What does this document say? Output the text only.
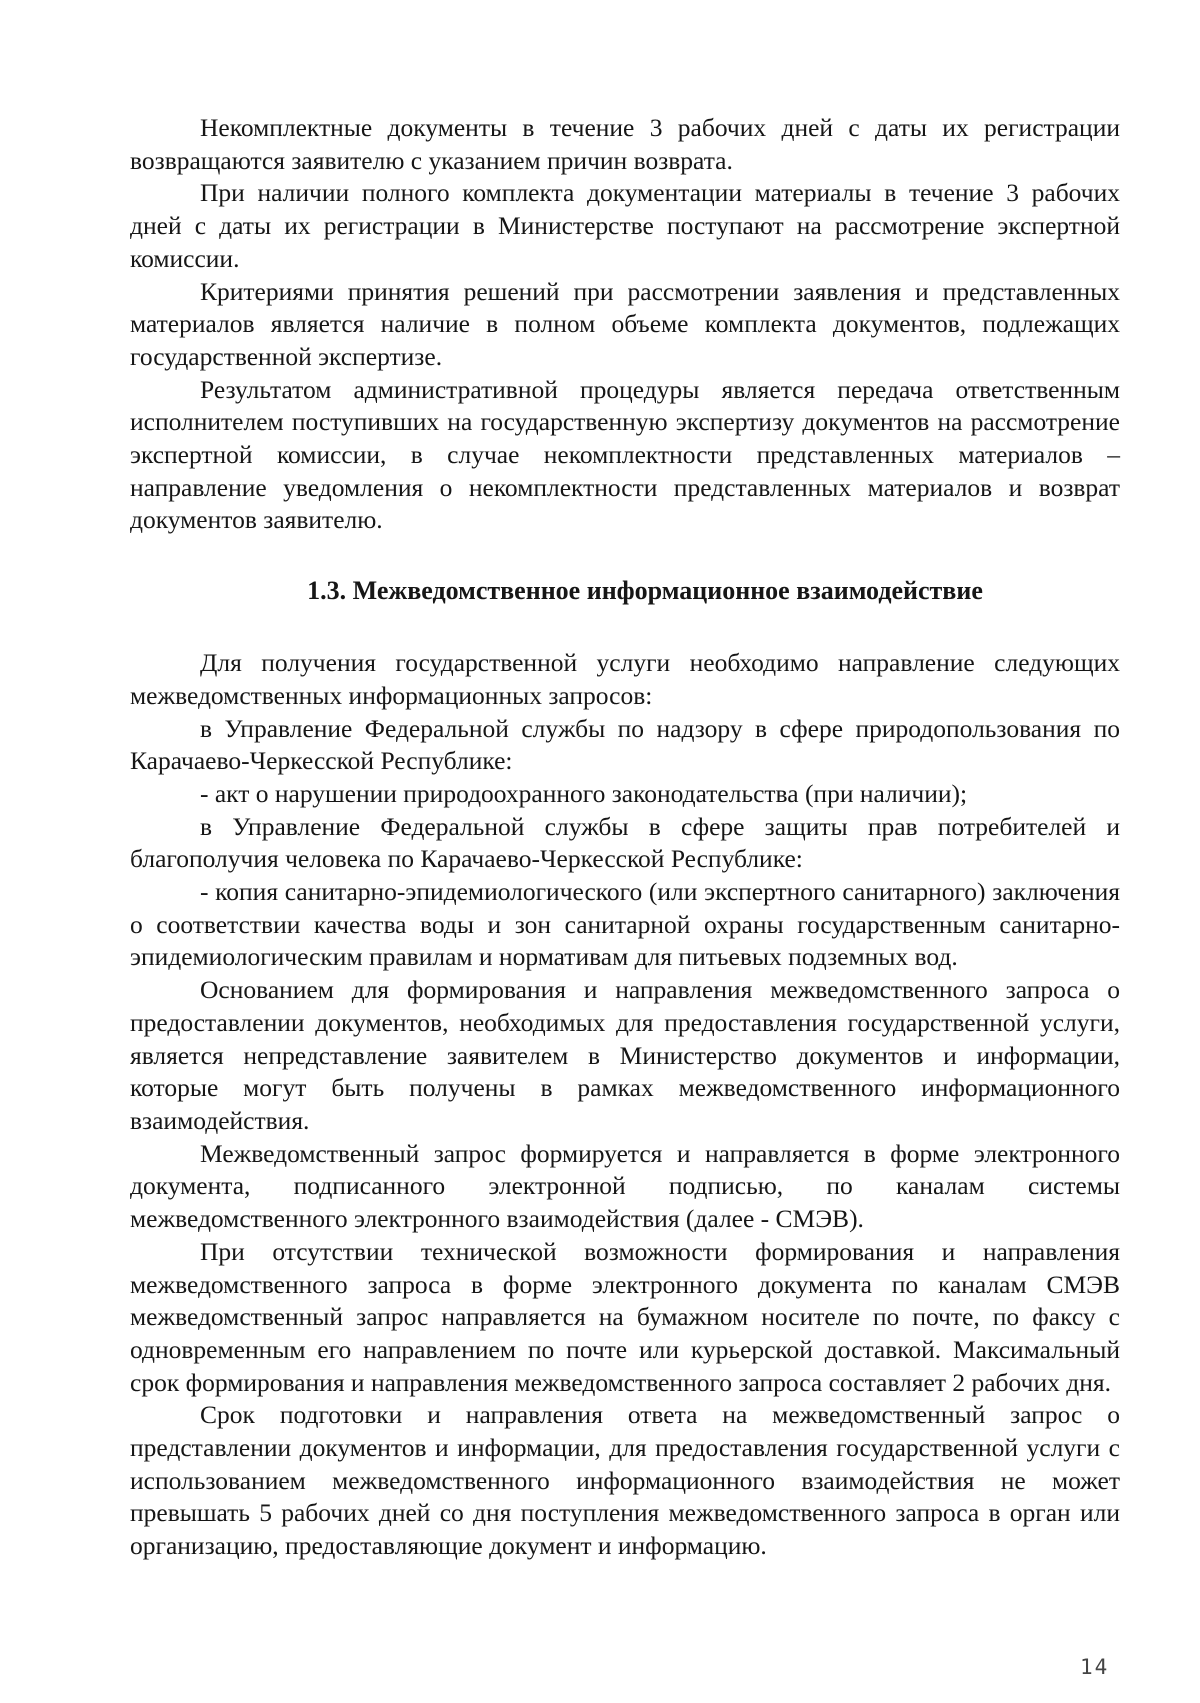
Некомплектные документы в течение 3 рабочих дней с даты их регистрации возвращаются заявителю с указанием причин возврата.

При наличии полного комплекта документации материалы в течение 3 рабочих дней с даты их регистрации в Министерстве поступают на рассмотрение экспертной комиссии.

Критериями принятия решений при рассмотрении заявления и представленных материалов является наличие в полном объеме комплекта документов, подлежащих государственной экспертизе.

Результатом административной процедуры является передача ответственным исполнителем поступивших на государственную экспертизу документов на рассмотрение экспертной комиссии, в случае некомплектности представленных материалов – направление уведомления о некомплектности представленных материалов и возврат документов заявителю.

1.3. Межведомственное информационное взаимодействие

Для получения государственной услуги необходимо направление следующих межведомственных информационных запросов:

в Управление Федеральной службы по надзору в сфере природопользования по Карачаево-Черкесской Республике:

- акт о нарушении природоохранного законодательства (при наличии);

в Управление Федеральной службы в сфере защиты прав потребителей и благополучия человека по Карачаево-Черкесской Республике:

- копия санитарно-эпидемиологического (или экспертного санитарного) заключения о соответствии качества воды и зон санитарной охраны государственным санитарно-эпидемиологическим правилам и нормативам для питьевых подземных вод.

Основанием для формирования и направления межведомственного запроса о предоставлении документов, необходимых для предоставления государственной услуги, является непредставление заявителем в Министерство документов и информации, которые могут быть получены в рамках межведомственного информационного взаимодействия.

Межведомственный запрос формируется и направляется в форме электронного документа, подписанного электронной подписью, по каналам системы межведомственного электронного взаимодействия (далее - СМЭВ).

При отсутствии технической возможности формирования и направления межведомственного запроса в форме электронного документа по каналам СМЭВ межведомственный запрос направляется на бумажном носителе по почте, по факсу с одновременным его направлением по почте или курьерской доставкой. Максимальный срок формирования и направления межведомственного запроса составляет 2 рабочих дня.

Срок подготовки и направления ответа на межведомственный запрос о представлении документов и информации, для предоставления государственной услуги с использованием межведомственного информационного взаимодействия не может превышать 5 рабочих дней со дня поступления межведомственного запроса в орган или организацию, предоставляющие документ и информацию.

14
